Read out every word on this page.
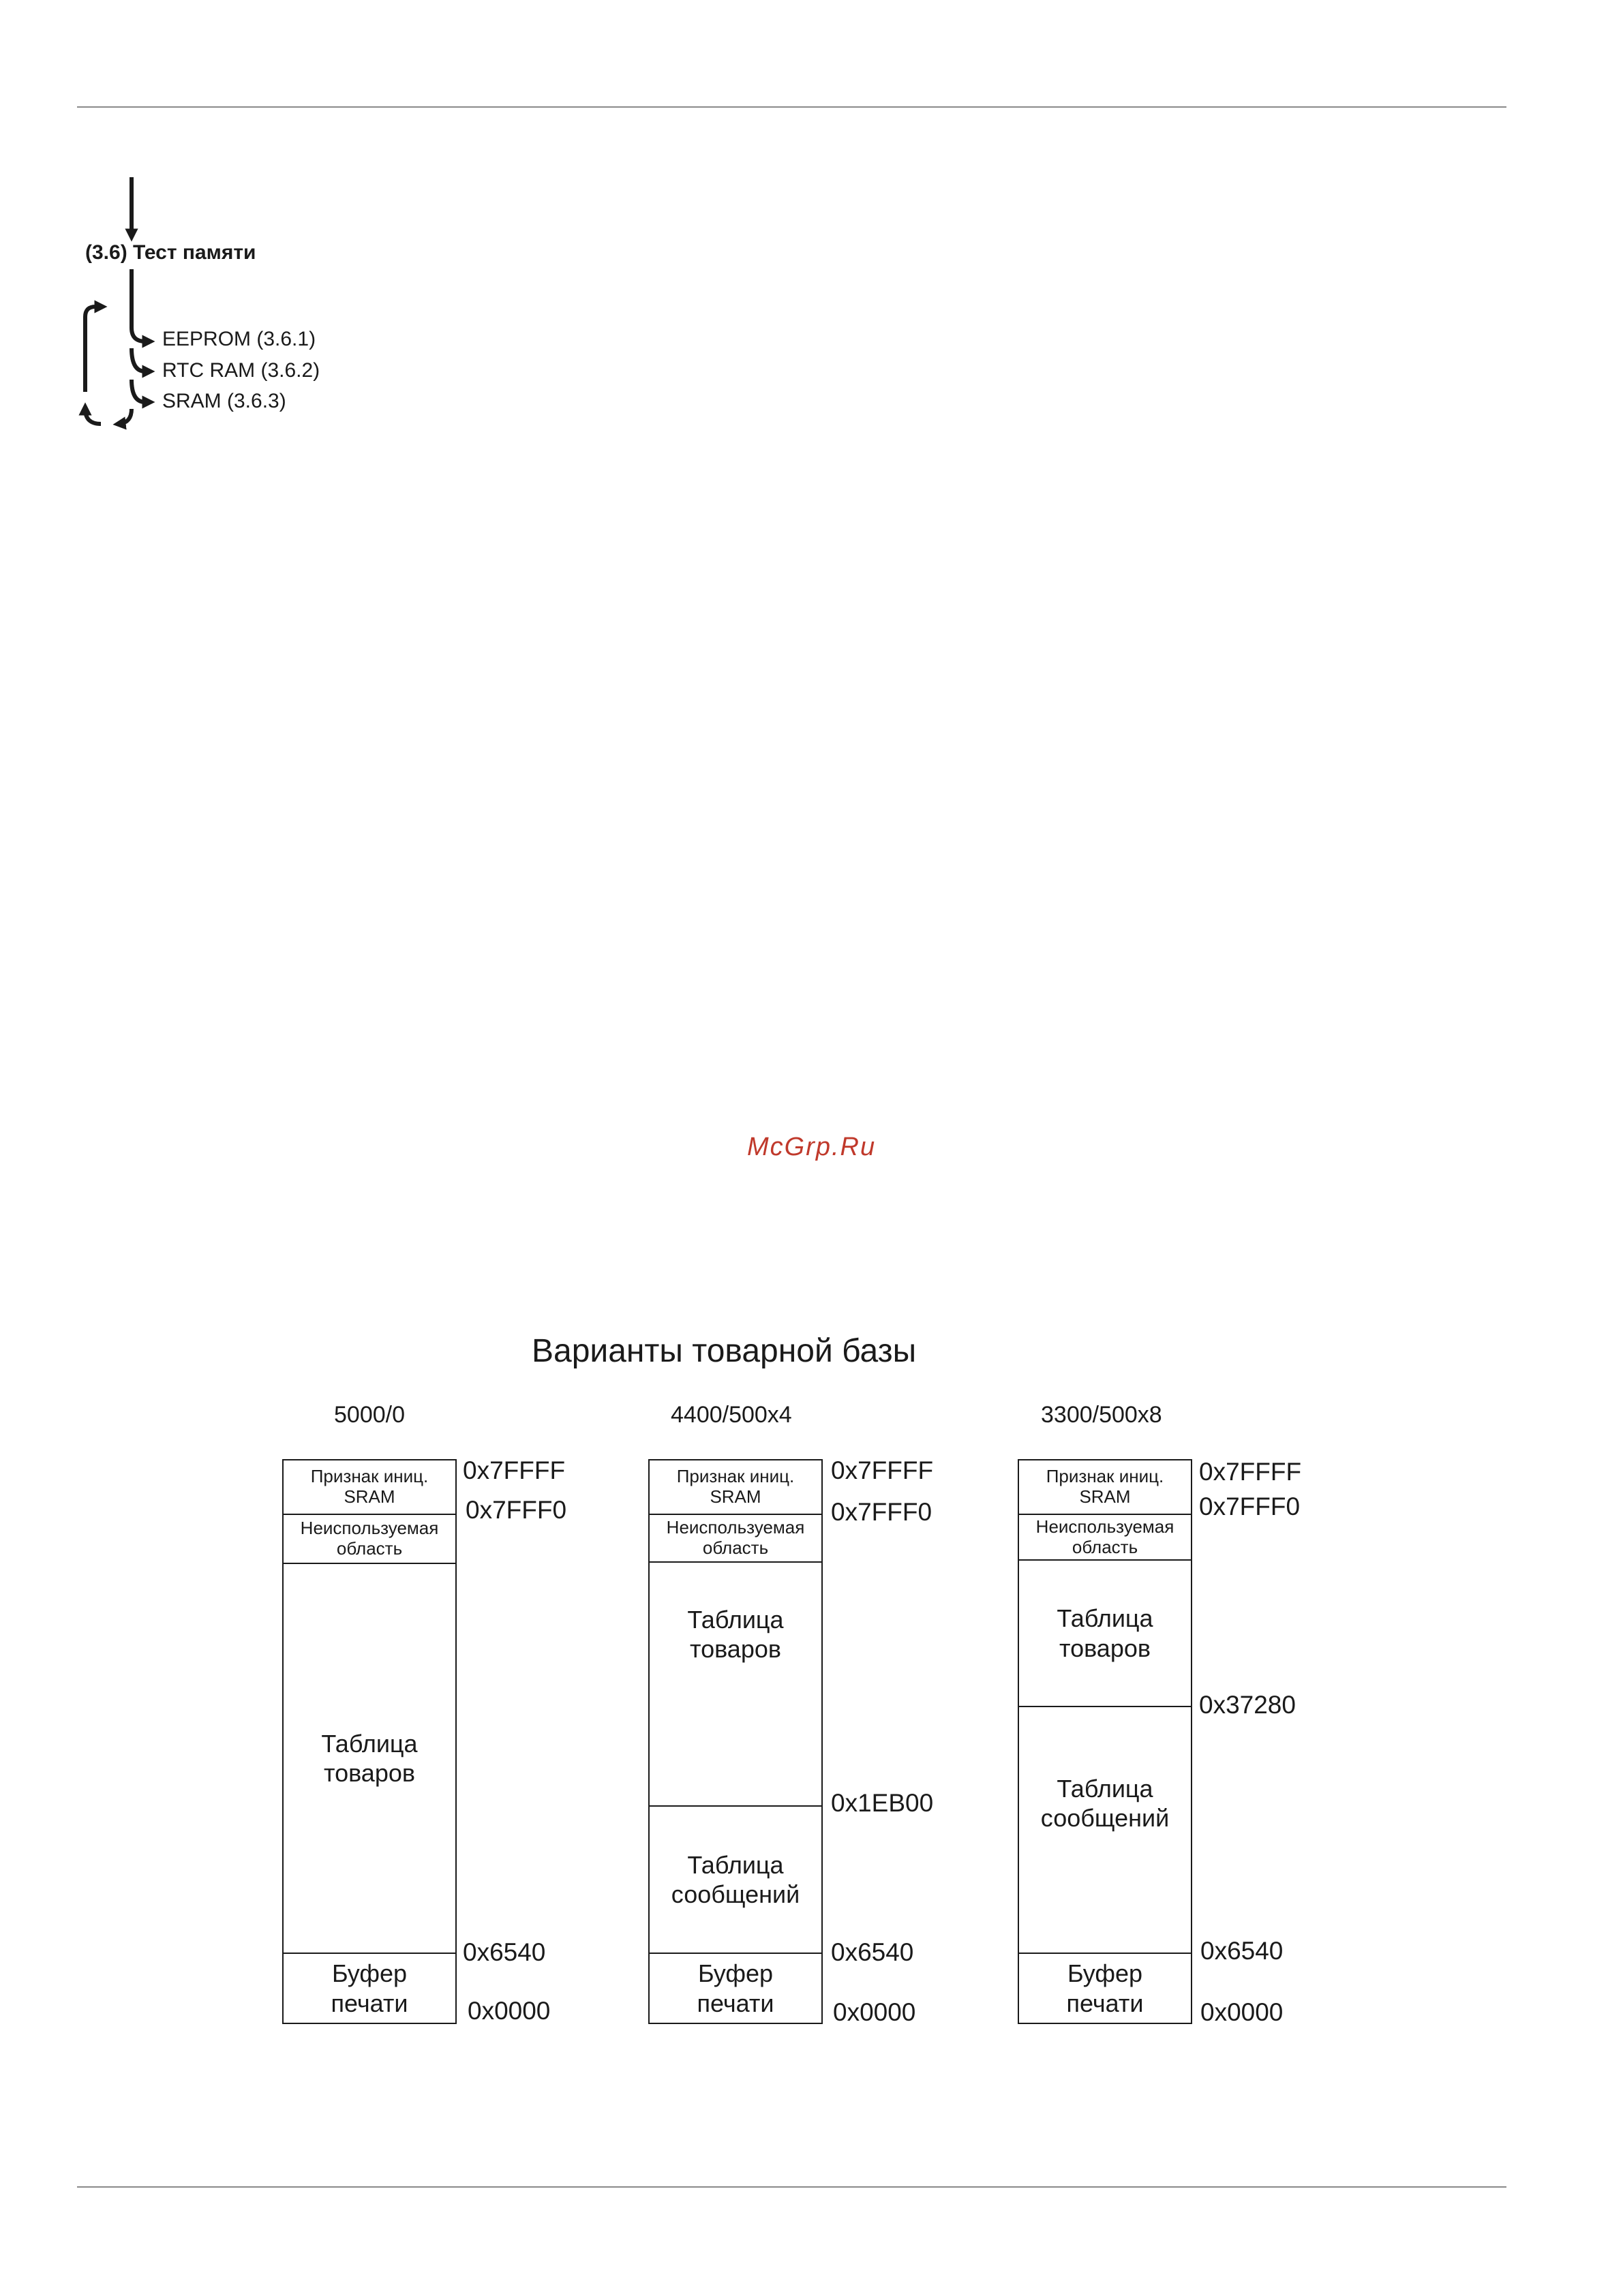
(3.6) Тест памяти
EEPROM (3.6.1)
RTC RAM (3.6.2)
SRAM (3.6.3)
McGrp.Ru
Варианты товарной базы
5000/0	4400/500x4	3300/500x8
Признак иниц.
SRAM
Неиспользуемая
область
Таблица
товаров
Буфер
печати
Признак иниц.
SRAM
Неиспользуемая
область
Таблица
товаров
Таблица
сообщений
Буфер
печати
Признак иниц.
SRAM
Неиспользуемая
область
Таблица
товаров
Таблица
сообщений
Буфер
печати
0x7FFFF
0x7FFF0
0x6540
0x0000
0x7FFFF
0x7FFF0
0x1EB00
0x6540
0x0000
0x7FFFF
0x7FFF0
0x37280
0x6540
0x0000
